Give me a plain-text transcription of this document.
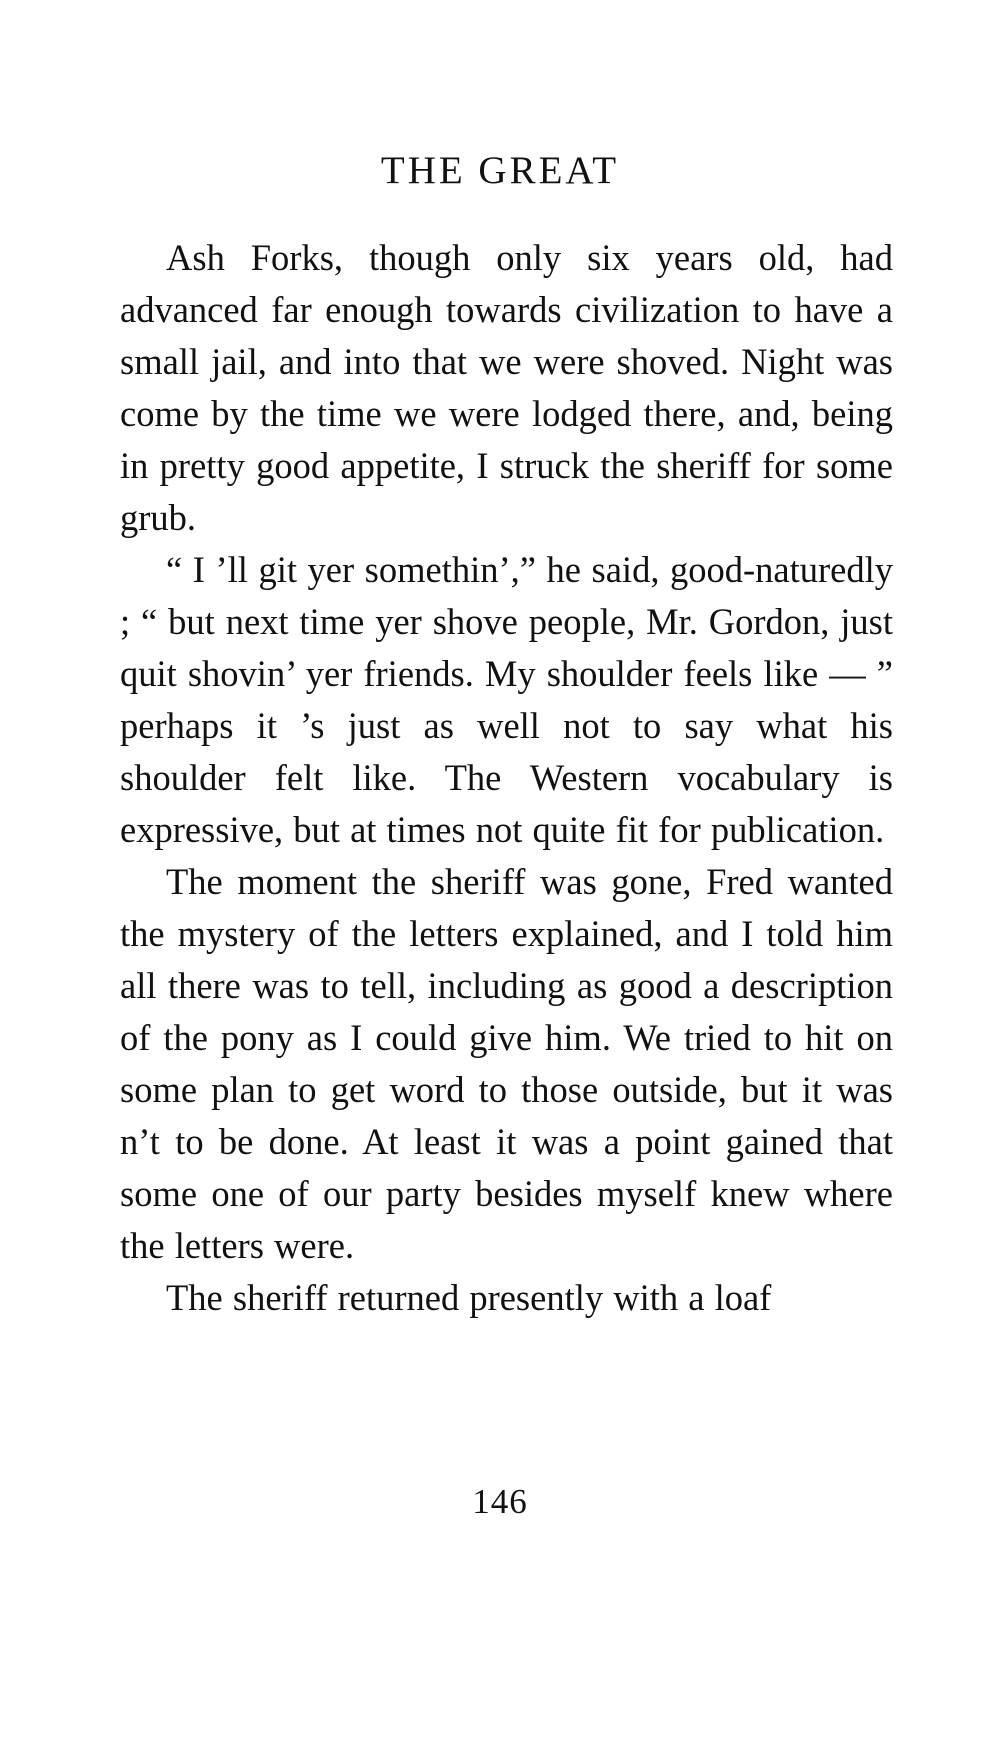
THE GREAT

Ash Forks, though only six years old, had advanced far enough towards civilization to have a small jail, and into that we were shoved. Night was come by the time we were lodged there, and, being in pretty good appetite, I struck the sheriff for some grub.

“ I ’ll git yer somethin’,” he said, good-naturedly ; “ but next time yer shove people, Mr. Gordon, just quit shovin’ yer friends. My shoulder feels like — ” perhaps it ’s just as well not to say what his shoulder felt like. The Western vocabulary is expressive, but at times not quite fit for publication.

The moment the sheriff was gone, Fred wanted the mystery of the letters explained, and I told him all there was to tell, including as good a description of the pony as I could give him. We tried to hit on some plan to get word to those outside, but it was n’t to be done. At least it was a point gained that some one of our party besides myself knew where the letters were.

The sheriff returned presently with a loaf

146
